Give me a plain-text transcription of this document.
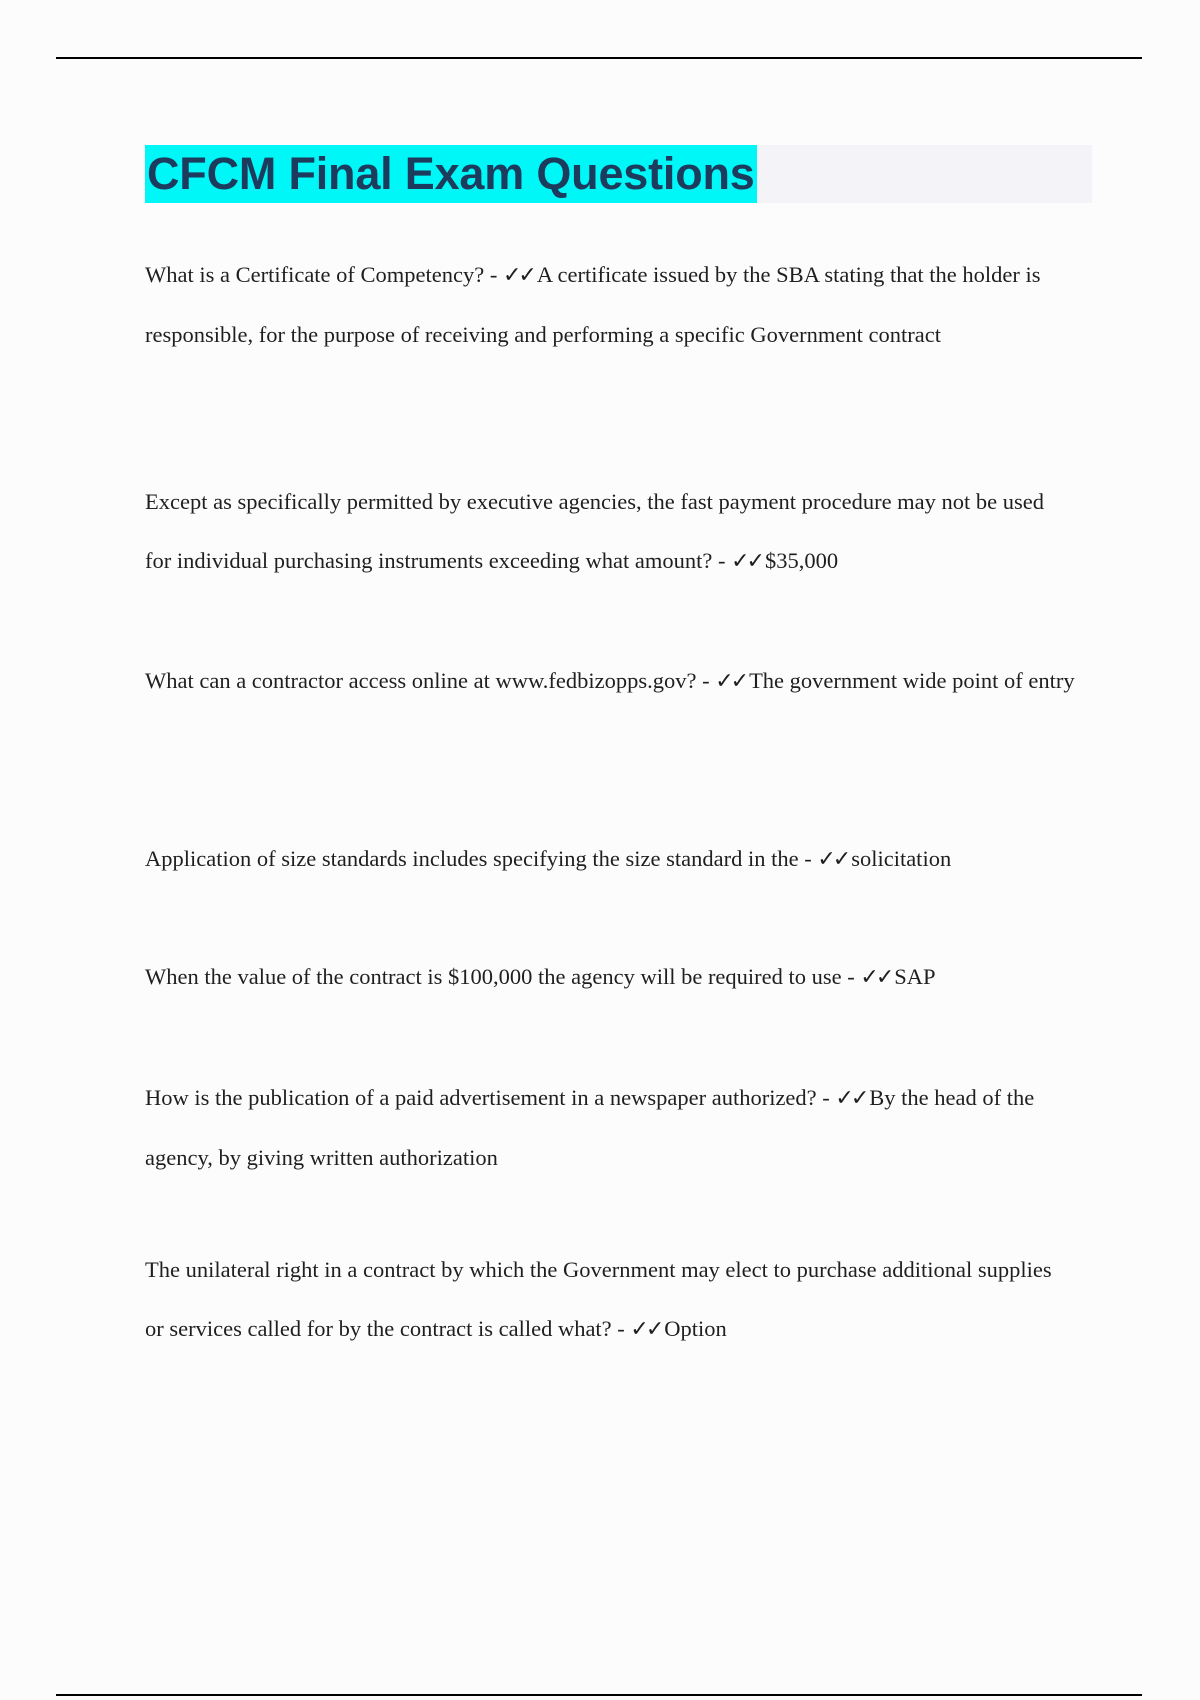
CFCM Final Exam Questions

What is a Certificate of Competency? - ✓✓ A certificate issued by the SBA stating that the holder is responsible, for the purpose of receiving and performing a specific Government contract

Except as specifically permitted by executive agencies, the fast payment procedure may not be used for individual purchasing instruments exceeding what amount? - ✓✓ $35,000

What can a contractor access online at www.fedbizopps.gov? - ✓✓ The government wide point of entry

Application of size standards includes specifying the size standard in the - ✓✓ solicitation

When the value of the contract is $100,000 the agency will be required to use - ✓✓ SAP

How is the publication of a paid advertisement in a newspaper authorized? - ✓✓ By the head of the agency, by giving written authorization

The unilateral right in a contract by which the Government may elect to purchase additional supplies or services called for by the contract is called what? - ✓✓ Option
